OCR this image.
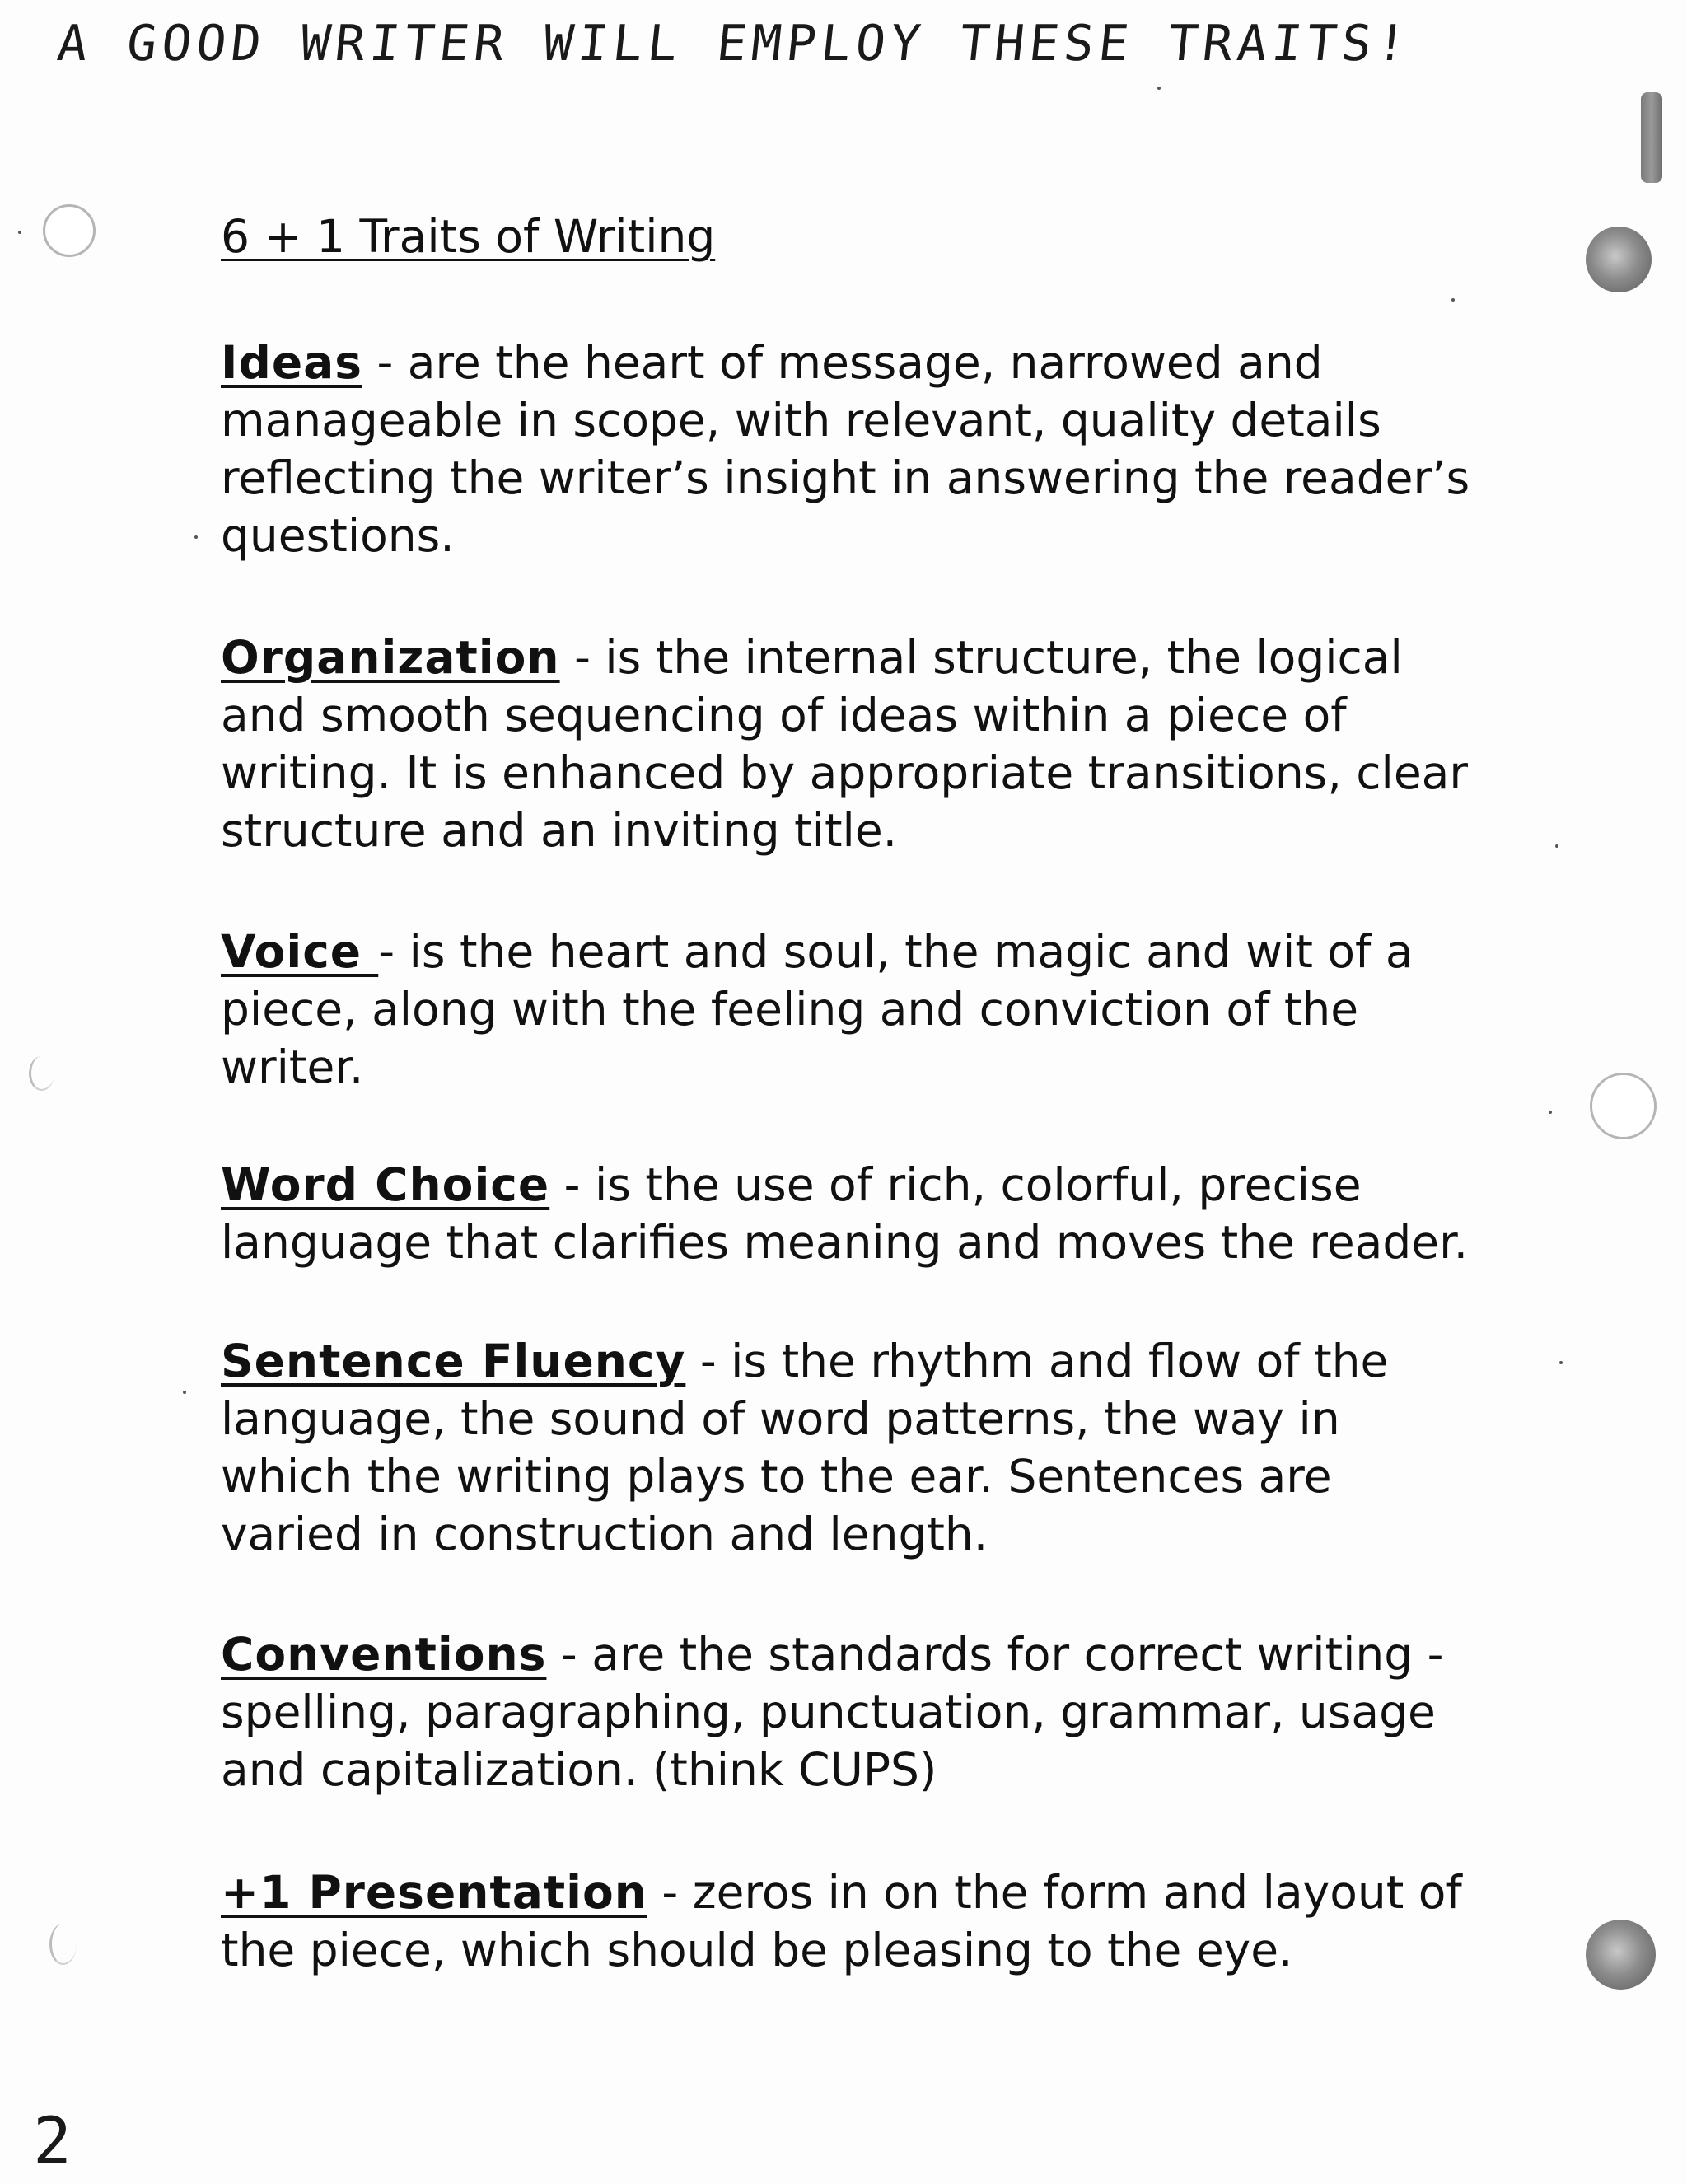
A GOOD WRITER WILL EMPLOY THESE TRAITS!
2
6 + 1 Traits of Writing
Ideas - are the heart of message, narrowed and manageable in scope, with relevant, quality details reflecting the writer’s insight in answering the reader’s questions.
Organization - is the internal structure, the logical and smooth sequencing of ideas within a piece of writing. It is enhanced by appropriate transitions, clear structure and an inviting title.
Voice - is the heart and soul, the magic and wit of a piece, along with the feeling and conviction of the writer.
Word Choice - is the use of rich, colorful, precise language that clarifies meaning and moves the reader.
Sentence Fluency - is the rhythm and flow of the language, the sound of word patterns, the way in which the writing plays to the ear. Sentences are varied in construction and length.
Conventions - are the standards for correct writing - spelling, paragraphing, punctuation, grammar, usage and capitalization. (think CUPS)
+1 Presentation - zeros in on the form and layout of the piece, which should be pleasing to the eye.
